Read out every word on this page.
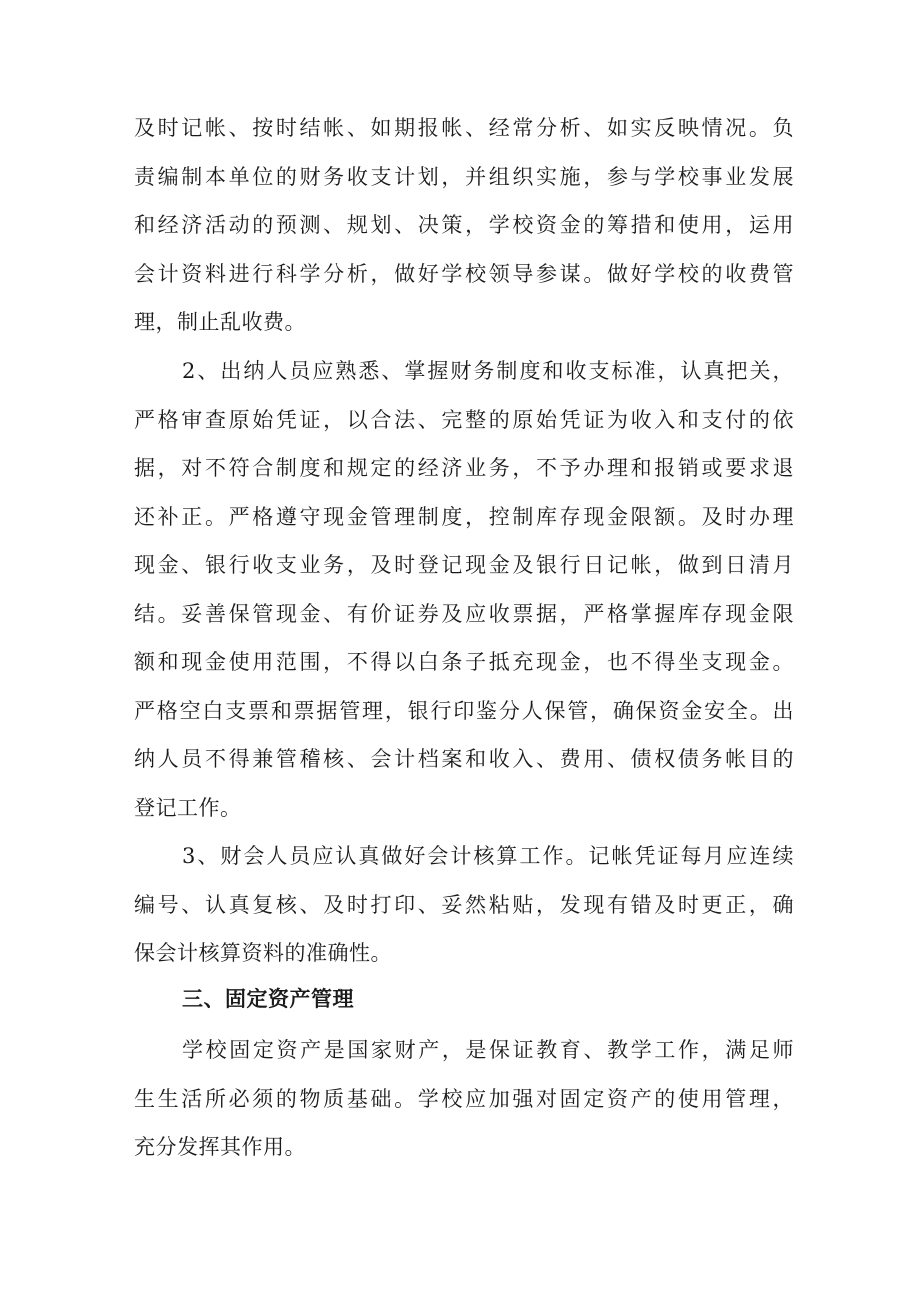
及时记帐、按时结帐、如期报帐、经常分析、如实反映情况。负
责编制本单位的财务收支计划，并组织实施，参与学校事业发展
和经济活动的预测、规划、决策，学校资金的筹措和使用，运用
会计资料进行科学分析，做好学校领导参谋。做好学校的收费管
理，制止乱收费。
2、出纳人员应熟悉、掌握财务制度和收支标准，认真把关，
严格审查原始凭证，以合法、完整的原始凭证为收入和支付的依
据，对不符合制度和规定的经济业务，不予办理和报销或要求退
还补正。严格遵守现金管理制度，控制库存现金限额。及时办理
现金、银行收支业务，及时登记现金及银行日记帐，做到日清月
结。妥善保管现金、有价证券及应收票据，严格掌握库存现金限
额和现金使用范围，不得以白条子抵充现金，也不得坐支现金。
严格空白支票和票据管理，银行印鉴分人保管，确保资金安全。出
纳人员不得兼管稽核、会计档案和收入、费用、债权债务帐目的
登记工作。
3、财会人员应认真做好会计核算工作。记帐凭证每月应连续
编号、认真复核、及时打印、妥然粘贴，发现有错及时更正，确
保会计核算资料的准确性。
三、固定资产管理
学校固定资产是国家财产，是保证教育、教学工作，满足师
生生活所必须的物质基础。学校应加强对固定资产的使用管理，
充分发挥其作用。
